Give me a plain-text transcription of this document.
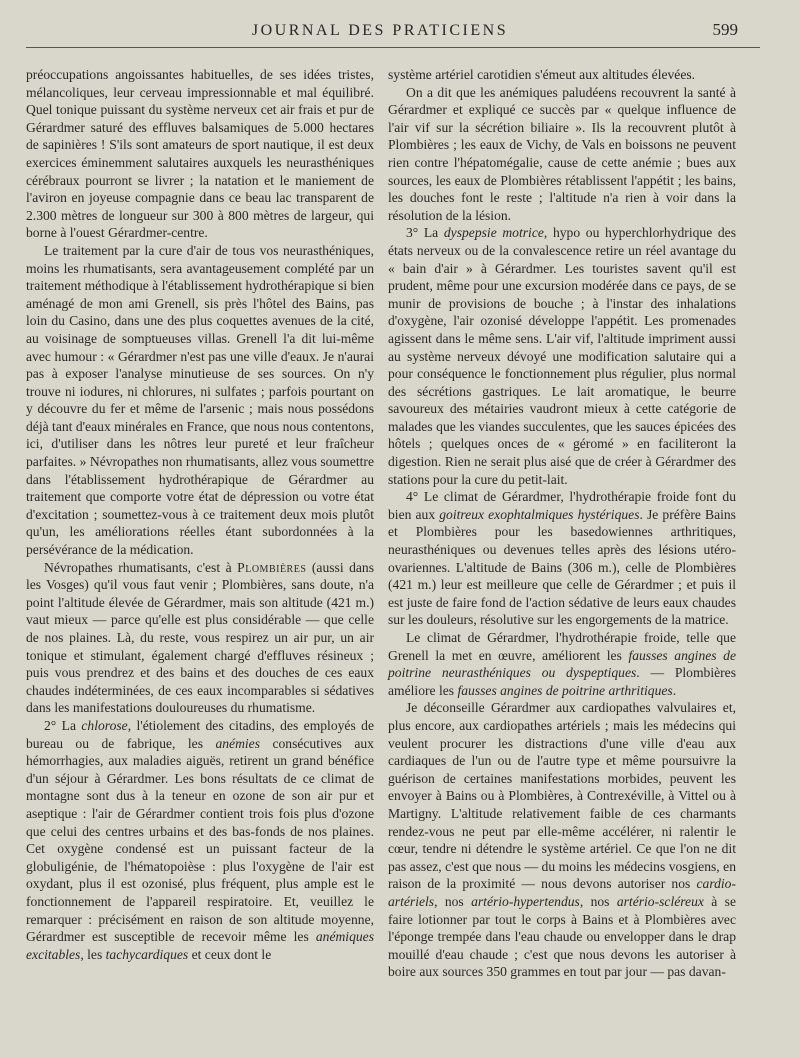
JOURNAL DES PRATICIENS	599

préoccupations angoissantes habituelles, de ses idées tristes, mélancoliques, leur cerveau impressionnable et mal équilibré. Quel tonique puissant du système nerveux cet air frais et pur de Gérardmer saturé des effluves balsamiques de 5.000 hectares de sapinières ! S'ils sont amateurs de sport nautique, il est deux exercices éminemment salutaires auxquels les neurasthéniques cérébraux pourront se livrer ; la natation et le maniement de l'aviron en joyeuse compagnie dans ce beau lac transparent de 2.300 mètres de longueur sur 300 à 800 mètres de largeur, qui borne à l'ouest Gérardmer-centre.

Le traitement par la cure d'air de tous vos neurasthéniques, moins les rhumatisants, sera avantageusement complété par un traitement méthodique à l'établissement hydrothérapique si bien aménagé de mon ami Grenell, sis près l'hôtel des Bains, pas loin du Casino, dans une des plus coquettes avenues de la cité, au voisinage de somptueuses villas. Grenell l'a dit lui-même avec humour : « Gérardmer n'est pas une ville d'eaux. Je n'aurai pas à exposer l'analyse minutieuse de ses sources. On n'y trouve ni iodures, ni chlorures, ni sulfates ; parfois pourtant on y découvre du fer et même de l'arsenic ; mais nous possédons déjà tant d'eaux minérales en France, que nous nous contentons, ici, d'utiliser dans les nôtres leur pureté et leur fraîcheur parfaites. » Névropathes non rhumatisants, allez vous soumettre dans l'établissement hydrothérapique de Gérardmer au traitement que comporte votre état de dépression ou votre état d'excitation ; soumettez-vous à ce traitement deux mois plutôt qu'un, les améliorations réelles étant subordonnées à la persévérance de la médication.

Névropathes rhumatisants, c'est à Plombières (aussi dans les Vosges) qu'il vous faut venir ; Plombières, sans doute, n'a point l'altitude élevée de Gérardmer, mais son altitude (421 m.) vaut mieux — parce qu'elle est plus considérable — que celle de nos plaines. Là, du reste, vous respirez un air pur, un air tonique et stimulant, également chargé d'effluves résineux ; puis vous prendrez et des bains et des douches de ces eaux chaudes indéterminées, de ces eaux incomparables si sédatives dans les manifestations douloureuses du rhumatisme.

2° La chlorose, l'étiolement des citadins, des employés de bureau ou de fabrique, les anémies consécutives aux hémorrhagies, aux maladies aiguës, retirent un grand bénéfice d'un séjour à Gérardmer. Les bons résultats de ce climat de montagne sont dus à la teneur en ozone de son air pur et aseptique : l'air de Gérardmer contient trois fois plus d'ozone que celui des centres urbains et des bas-fonds de nos plaines. Cet oxygène condensé est un puissant facteur de la globuligénie, de l'hématopoièse : plus l'oxygène de l'air est oxydant, plus il est ozonisé, plus fréquent, plus ample est le fonctionnement de l'appareil respiratoire. Et, veuillez le remarquer : précisément en raison de son altitude moyenne, Gérardmer est susceptible de recevoir même les anémiques excitables, les tachycardiques et ceux dont le

système artériel carotidien s'émeut aux altitudes élevées.

On a dit que les anémiques paludéens recouvrent la santé à Gérardmer et expliqué ce succès par « quelque influence de l'air vif sur la sécrétion biliaire ». Ils la recouvrent plutôt à Plombières ; les eaux de Vichy, de Vals en boissons ne peuvent rien contre l'hépatomégalie, cause de cette anémie ; bues aux sources, les eaux de Plombières rétablissent l'appétit ; les bains, les douches font le reste ; l'altitude n'a rien à voir dans la résolution de la lésion.

3° La dyspepsie motrice, hypo ou hyperchlorhydrique des états nerveux ou de la convalescence retire un réel avantage du « bain d'air » à Gérardmer. Les touristes savent qu'il est prudent, même pour une excursion modérée dans ce pays, de se munir de provisions de bouche ; à l'instar des inhalations d'oxygène, l'air ozonisé développe l'appétit. Les promenades agissent dans le même sens. L'air vif, l'altitude impriment aussi au système nerveux dévoyé une modification salutaire qui a pour conséquence le fonctionnement plus régulier, plus normal des sécrétions gastriques. Le lait aromatique, le beurre savoureux des métairies vaudront mieux à cette catégorie de malades que les viandes succulentes, que les sauces épicées des hôtels ; quelques onces de « géromé » en faciliteront la digestion. Rien ne serait plus aisé que de créer à Gérardmer des stations pour la cure du petit-lait.

4° Le climat de Gérardmer, l'hydrothérapie froide font du bien aux goitreux exophtalmiques hystériques. Je préfère Bains et Plombières pour les basedowiennes arthritiques, neurasthéniques ou devenues telles après des lésions utéro-ovariennes. L'altitude de Bains (306 m.), celle de Plombières (421 m.) leur est meilleure que celle de Gérardmer ; et puis il est juste de faire fond de l'action sédative de leurs eaux chaudes sur les douleurs, résolutive sur les engorgements de la matrice.

Le climat de Gérardmer, l'hydrothérapie froide, telle que Grenell la met en œuvre, améliorent les fausses angines de poitrine neurasthéniques ou dyspeptiques. — Plombières améliore les fausses angines de poitrine arthritiques.

Je déconseille Gérardmer aux cardiopathes valvulaires et, plus encore, aux cardiopathes artériels ; mais les médecins qui veulent procurer les distractions d'une ville d'eau aux cardiaques de l'un ou de l'autre type et même poursuivre la guérison de certaines manifestations morbides, peuvent les envoyer à Bains ou à Plombières, à Contrexéville, à Vittel ou à Martigny. L'altitude relativement faible de ces charmants rendez-vous ne peut par elle-même accélérer, ni ralentir le cœur, tendre ni détendre le système artériel. Ce que l'on ne dit pas assez, c'est que nous — du moins les médecins vosgiens, en raison de la proximité — nous devons autoriser nos cardio-artériels, nos artério-hypertendus, nos artério-scléreux à se faire lotionner par tout le corps à Bains et à Plombières avec l'éponge trempée dans l'eau chaude ou envelopper dans le drap mouillé d'eau chaude ; c'est que nous devons les autoriser à boire aux sources 350 grammes en tout par jour — pas davan-
